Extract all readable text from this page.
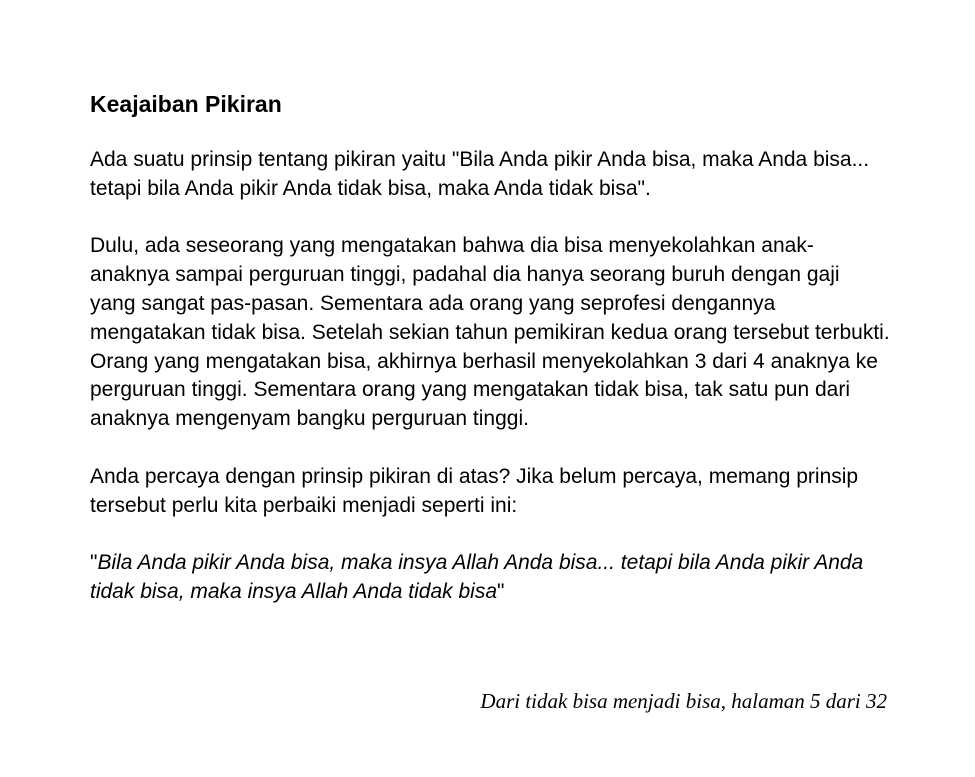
Keajaiban Pikiran

Ada suatu prinsip tentang pikiran yaitu "Bila Anda pikir Anda bisa, maka Anda bisa... tetapi bila Anda pikir Anda tidak bisa, maka Anda tidak bisa".

Dulu, ada seseorang yang mengatakan bahwa dia bisa menyekolahkan anak-anaknya sampai perguruan tinggi, padahal dia hanya seorang buruh dengan gaji yang sangat pas-pasan. Sementara ada orang yang seprofesi dengannya mengatakan tidak bisa. Setelah sekian tahun pemikiran kedua orang tersebut terbukti. Orang yang mengatakan bisa, akhirnya berhasil menyekolahkan 3 dari 4 anaknya ke perguruan tinggi. Sementara orang yang mengatakan tidak bisa, tak satu pun dari anaknya mengenyam bangku perguruan tinggi.

Anda percaya dengan prinsip pikiran di atas? Jika belum percaya, memang prinsip tersebut perlu kita perbaiki menjadi seperti ini:

"Bila Anda pikir Anda bisa, maka insya Allah Anda bisa... tetapi bila Anda pikir Anda tidak bisa, maka insya Allah Anda tidak bisa"

Dari tidak bisa menjadi bisa, halaman 5 dari 32
